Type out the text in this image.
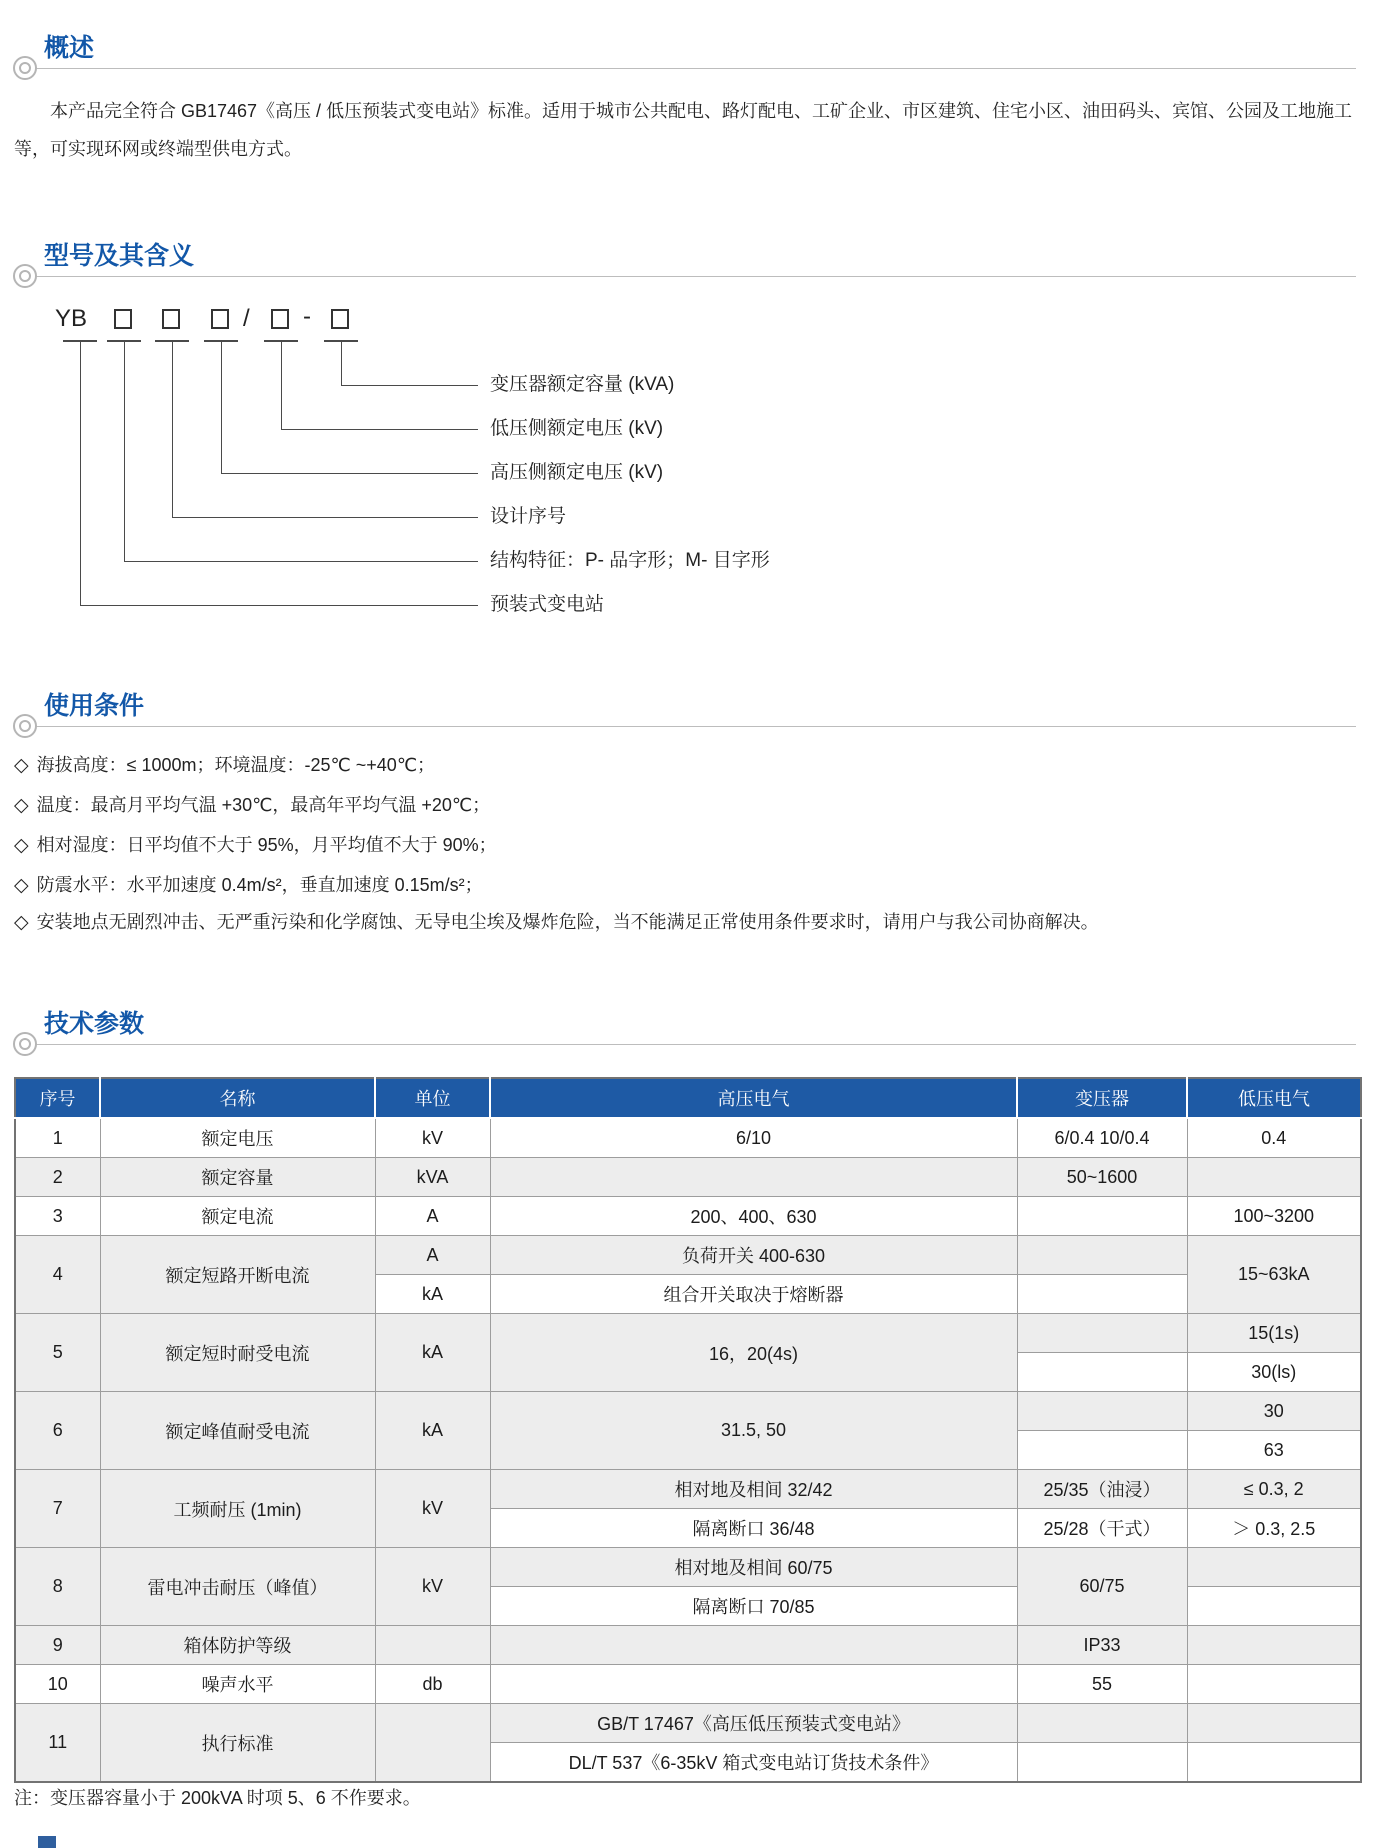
概述
本产品完全符合 GB17467《高压 / 低压预装式变电站》标准。适用于城市公共配电、路灯配电、工矿企业、市区建筑、住宅小区、油田码头、宾馆、公园及工地施工等，可实现环网或终端型供电方式。
型号及其含义
YB	/ -
变压器额定容量 (kVA)
低压侧额定电压 (kV)
高压侧额定电压 (kV)
设计序号
结构特征：P- 品字形；M- 目字形
预装式变电站
使用条件
◇ 海拔高度：≤ 1000m；环境温度：-25℃ ~+40℃；
◇ 温度：最高月平均气温 +30℃，最高年平均气温 +20℃；
◇ 相对湿度：日平均值不大于 95%，月平均值不大于 90%；
◇ 防震水平：水平加速度 0.4m/s²，垂直加速度 0.15m/s²；
◇ 安装地点无剧烈冲击、无严重污染和化学腐蚀、无导电尘埃及爆炸危险，当不能满足正常使用条件要求时，请用户与我公司协商解决。
技术参数
序号	名称	单位	高压电气	变压器	低压电气
1	额定电压	kV	6/10	6/0.4 10/0.4	0.4
2	额定容量	kVA		50~1600	
3	额定电流	A	200、400、630		100~3200
4	额定短路开断电流	A	负荷开关 400-630		15~63kA
		kA	组合开关取决于熔断器		
5	额定短时耐受电流	kA	16，20(4s)		15(1s)
					30(ls)
6	额定峰值耐受电流	kA	31.5, 50		30
					63
7	工频耐压 (1min)	kV	相对地及相间 32/42	25/35（油浸）	≤ 0.3, 2
			隔离断口 36/48	25/28（干式）	＞ 0.3, 2.5
8	雷电冲击耐压（峰值）	kV	相对地及相间 60/75	60/75	
			隔离断口 70/85		
9	箱体防护等级			IP33	
10	噪声水平	db		55	
11	执行标准		GB/T 17467《高压低压预装式变电站》		
			DL/T 537《6-35kV 箱式变电站订货技术条件》		
注：变压器容量小于 200kVA 时项 5、6 不作要求。
